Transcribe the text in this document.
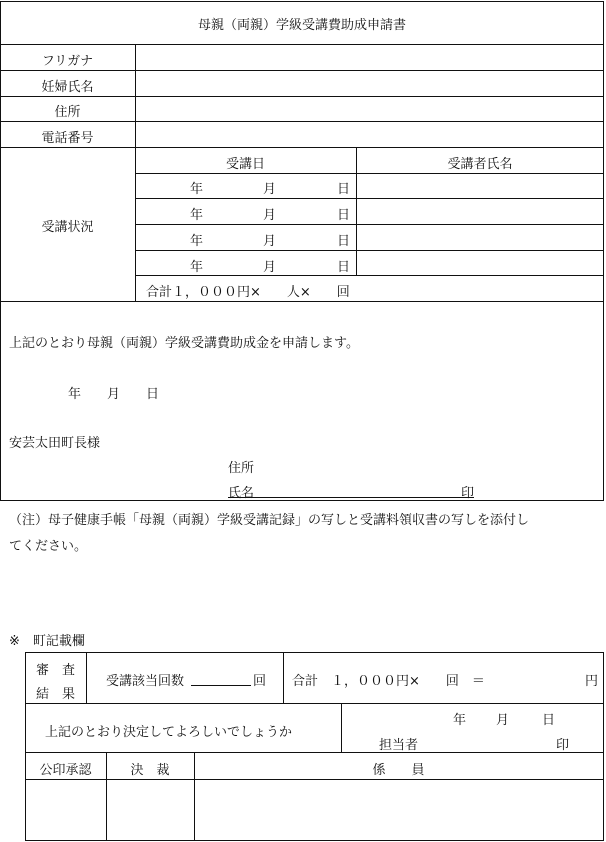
母親（両親）学級受講費助成申請書
フリガナ
妊婦氏名
住所
電話番号
受講状況
受講日	受講者氏名
年	月	日
年	月	日
年	月	日
年	月	日
合計１，０００円×　　人×　　回
上記のとおり母親（両親）学級受講費助成金を申請します。
年　　月　　日
安芸太田町長様
住所
氏名	印
（注）母子健康手帳「母親（両親）学級受講記録」の写しと受講料領収書の写しを添付し
てください。
※　町記載欄
審　査
結　果
受講該当回数	回 合計　１，０００円×　　回　＝	円
上記のとおり決定してよろしいでしょうか
年 月	日
担当者	印
公印承認	決　裁	係　　員
